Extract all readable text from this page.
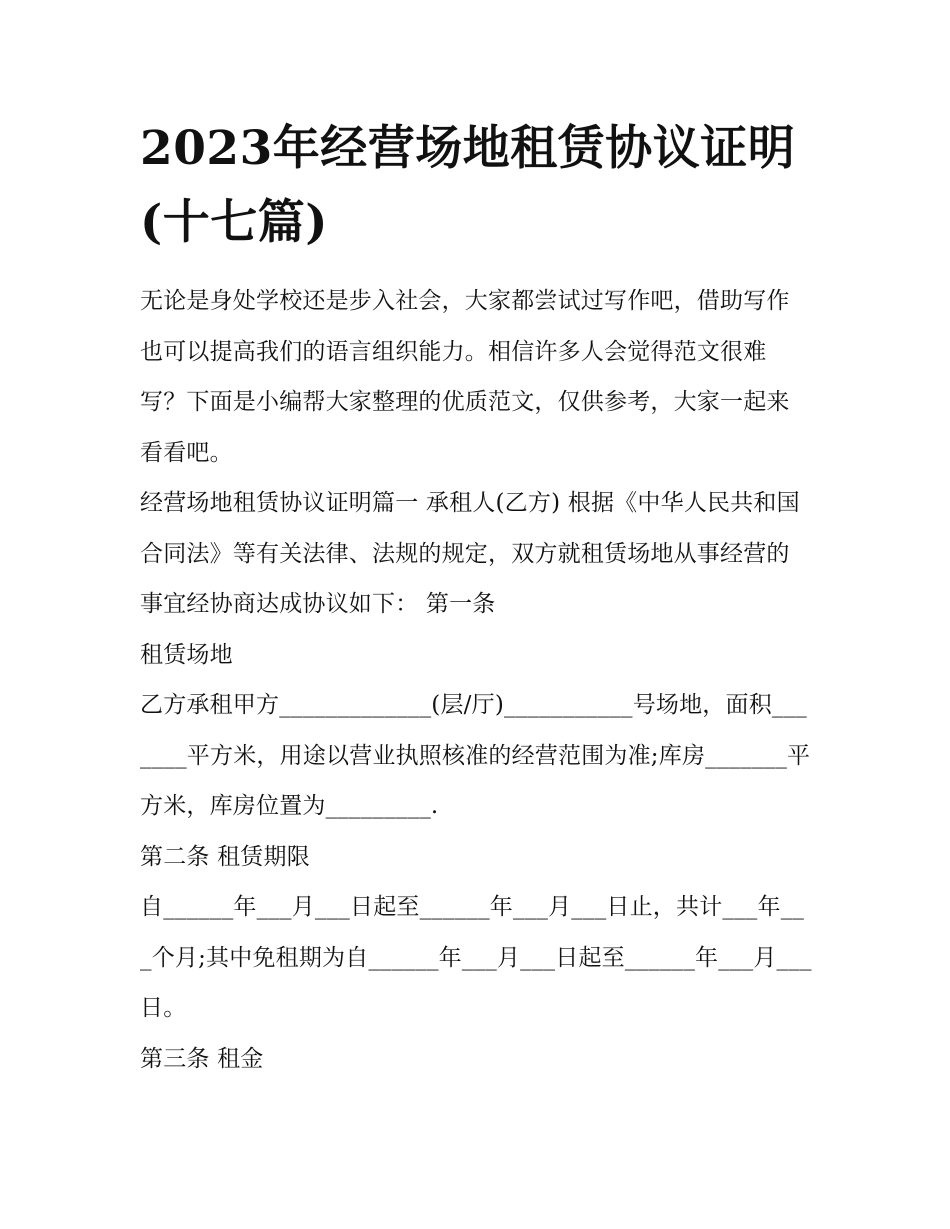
2023年经营场地租赁协议证明(十七篇)

无论是身处学校还是步入社会，大家都尝试过写作吧，借助写作也可以提高我们的语言组织能力。相信许多人会觉得范文很难写？下面是小编帮大家整理的优质范文，仅供参考，大家一起来看看吧。

经营场地租赁协议证明篇一 承租人(乙方) 根据《中华人民共和国合同法》等有关法律、法规的规定，双方就租赁场地从事经营的事宜经协商达成协议如下： 第一条

租赁场地

乙方承租甲方_____________(层/厅)___________号场地，面积_______平方米，用途以营业执照核准的经营范围为准;库房_______平方米，库房位置为_________.

第二条 租赁期限

自______年___月___日起至______年___月___日止，共计___年___个月;其中免租期为自______年___月___日起至______年___月___日。

第三条 租金
